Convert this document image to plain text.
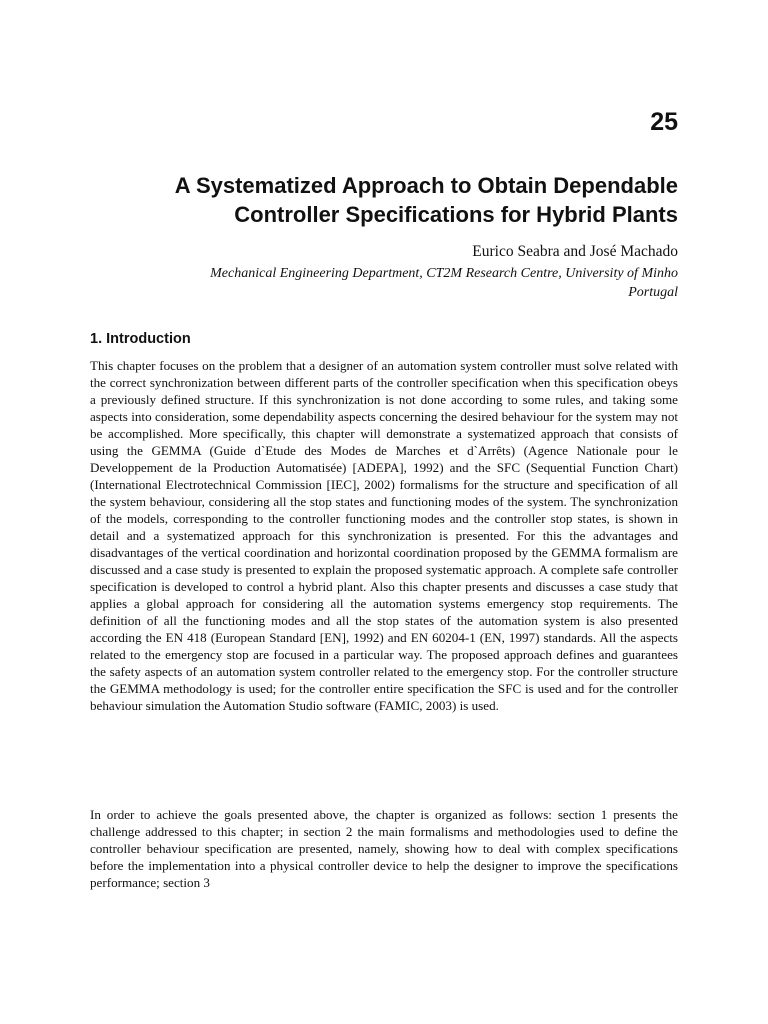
25
A Systematized Approach to Obtain Dependable
Controller Specifications for Hybrid Plants
Eurico Seabra and José Machado
Mechanical Engineering Department, CT2M Research Centre, University of Minho
Portugal
1. Introduction

This chapter focuses on the problem that a designer of an automation system controller must solve related with the correct synchronization between different parts of the controller specification when this specification obeys a previously defined structure. If this synchronization is not done according to some rules, and taking some aspects into consideration, some dependability aspects concerning the desired behaviour for the system may not be accomplished. More specifically, this chapter will demonstrate a systematized approach that consists of using the GEMMA (Guide d`Etude des Modes de Marches et d`Arrêts) (Agence Nationale pour le Developpement de la Production Automatisée) [ADEPA], 1992) and the SFC (Sequential Function Chart) (International Electrotechnical Commission [IEC], 2002) formalisms for the structure and specification of all the system behaviour, considering all the stop states and functioning modes of the system. The synchronization of the models, corresponding to the controller functioning modes and the controller stop states, is shown in detail and a systematized approach for this synchronization is presented. For this the advantages and disadvantages of the vertical coordination and horizontal coordination proposed by the GEMMA formalism are discussed and a case study is presented to explain the proposed systematic approach. A complete safe controller specification is developed to control a hybrid plant. Also this chapter presents and discusses a case study that applies a global approach for considering all the automation systems emergency stop requirements. The definition of all the functioning modes and all the stop states of the automation system is also presented according the EN 418 (European Standard [EN], 1992) and EN 60204-1 (EN, 1997) standards. All the aspects related to the emergency stop are focused in a particular way. The proposed approach defines and guarantees the safety aspects of an automation system controller related to the emergency stop. For the controller structure the GEMMA methodology is used; for the controller entire specification the SFC is used and for the controller behaviour simulation the Automation Studio software (FAMIC, 2003) is used.

In order to achieve the goals presented above, the chapter is organized as follows: section 1 presents the challenge addressed to this chapter; in section 2 the main formalisms and methodologies used to define the controller behaviour specification are presented, namely, showing how to deal with complex specifications before the implementation into a physical controller device to help the designer to improve the specifications performance; section 3
